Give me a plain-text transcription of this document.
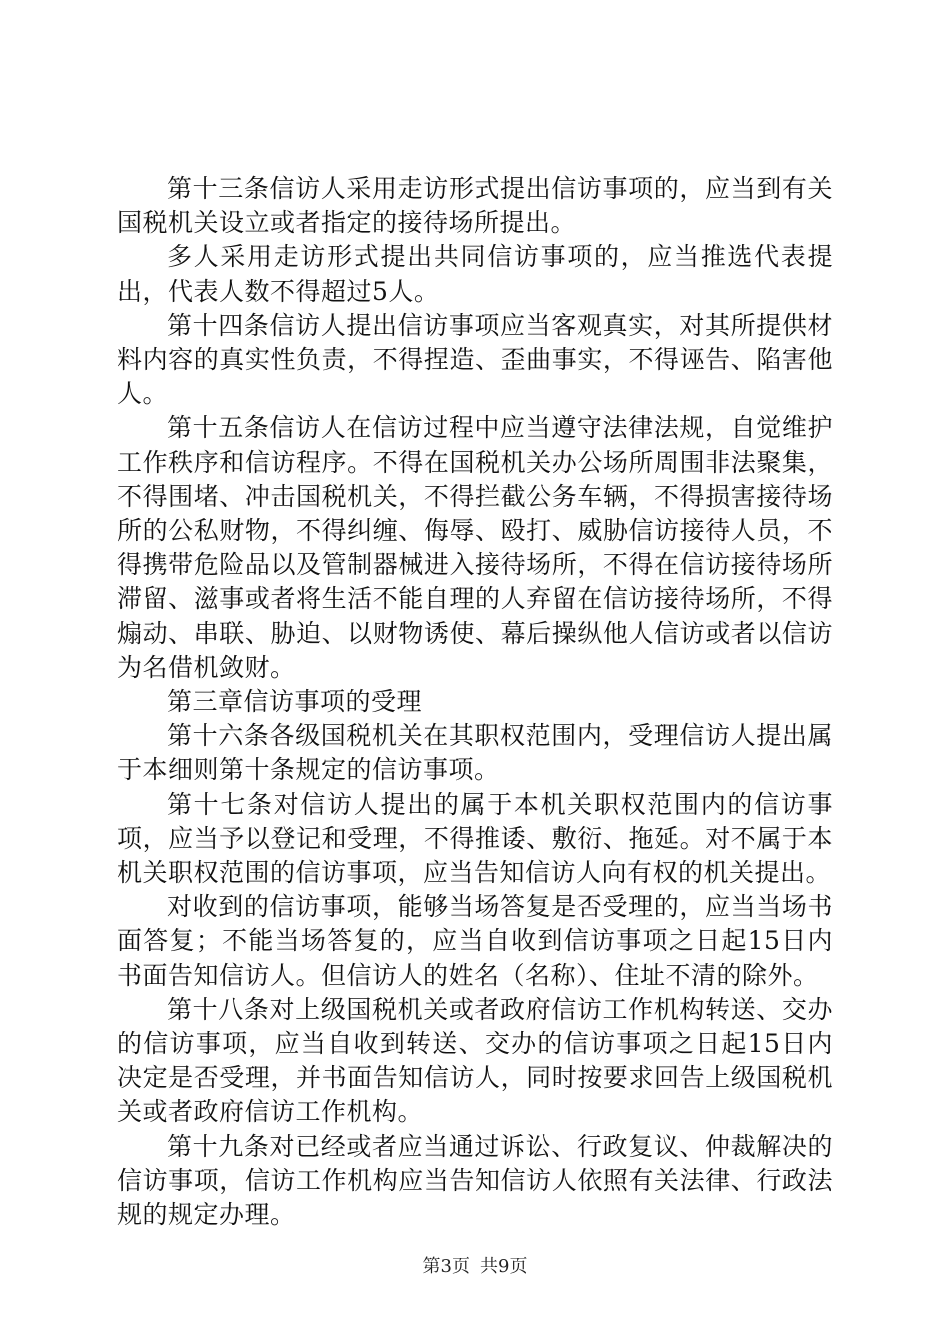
第十三条信访人采用走访形式提出信访事项的，应当到有关国税机关设立或者指定的接待场所提出。

多人采用走访形式提出共同信访事项的，应当推选代表提出，代表人数不得超过5人。

第十四条信访人提出信访事项应当客观真实，对其所提供材料内容的真实性负责，不得捏造、歪曲事实，不得诬告、陷害他人。

第十五条信访人在信访过程中应当遵守法律法规，自觉维护工作秩序和信访程序。不得在国税机关办公场所周围非法聚集，不得围堵、冲击国税机关，不得拦截公务车辆，不得损害接待场所的公私财物，不得纠缠、侮辱、殴打、威胁信访接待人员，不得携带危险品以及管制器械进入接待场所，不得在信访接待场所滞留、滋事或者将生活不能自理的人弃留在信访接待场所，不得煽动、串联、胁迫、以财物诱使、幕后操纵他人信访或者以信访为名借机敛财。

第三章信访事项的受理

第十六条各级国税机关在其职权范围内，受理信访人提出属于本细则第十条规定的信访事项。

第十七条对信访人提出的属于本机关职权范围内的信访事项，应当予以登记和受理，不得推诿、敷衍、拖延。对不属于本机关职权范围的信访事项，应当告知信访人向有权的机关提出。

对收到的信访事项，能够当场答复是否受理的，应当当场书面答复；不能当场答复的，应当自收到信访事项之日起15日内书面告知信访人。但信访人的姓名（名称）、住址不清的除外。

第十八条对上级国税机关或者政府信访工作机构转送、交办的信访事项，应当自收到转送、交办的信访事项之日起15日内决定是否受理，并书面告知信访人，同时按要求回告上级国税机关或者政府信访工作机构。

第十九条对已经或者应当通过诉讼、行政复议、仲裁解决的信访事项，信访工作机构应当告知信访人依照有关法律、行政法规的规定办理。

第3页 共9页
